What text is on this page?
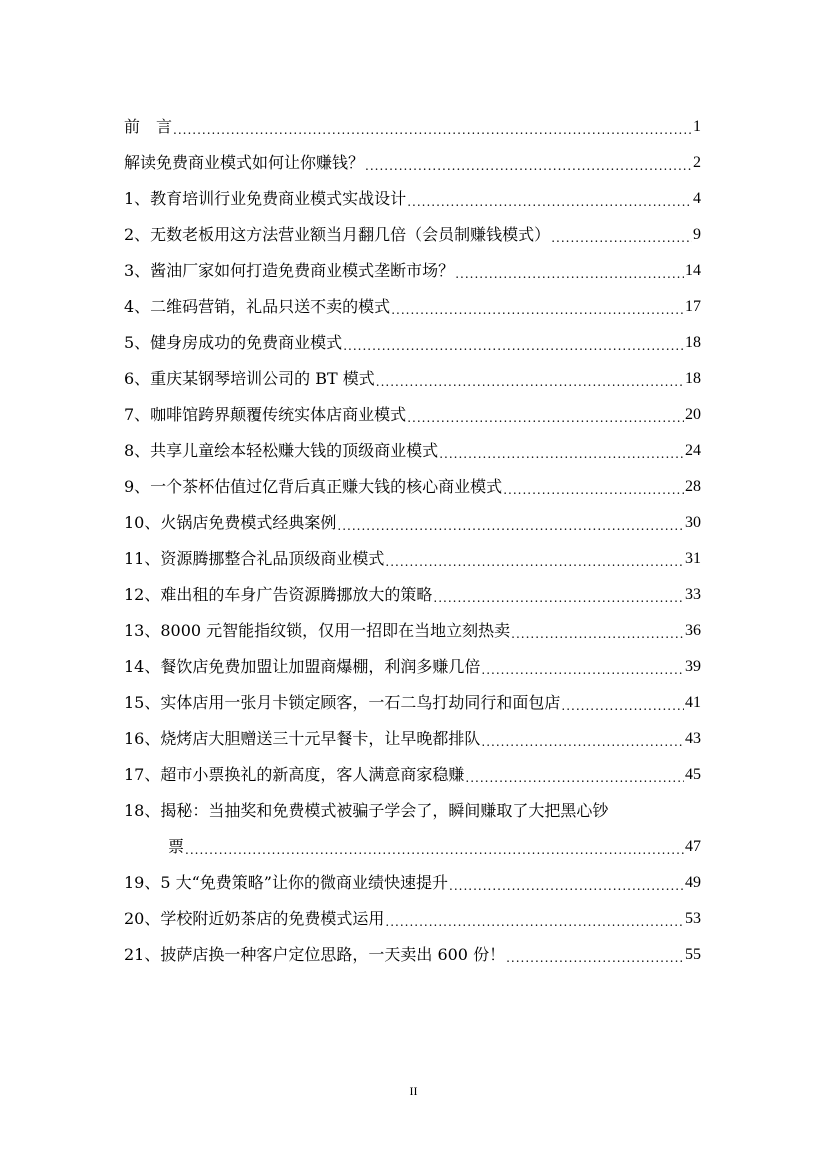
前　言 .....	1
解读免费商业模式如何让你赚钱？ .....	2
1、教育培训行业免费商业模式实战设计 .....	4
2、无数老板用这方法营业额当月翻几倍（会员制赚钱模式） .....	9
3、酱油厂家如何打造免费商业模式垄断市场？ .....	14
4、二维码营销，礼品只送不卖的模式 .....	17
5、健身房成功的免费商业模式 .....	18
6、重庆某钢琴培训公司的 BT 模式 .....	18
7、咖啡馆跨界颠覆传统实体店商业模式 .....	20
8、共享儿童绘本轻松赚大钱的顶级商业模式 .....	24
9、一个茶杯估值过亿背后真正赚大钱的核心商业模式 .....	28
10、火锅店免费模式经典案例 .....	30
11、资源腾挪整合礼品顶级商业模式 .....	31
12、难出租的车身广告资源腾挪放大的策略 .....	33
13、8000 元智能指纹锁，仅用一招即在当地立刻热卖 .....	36
14、餐饮店免费加盟让加盟商爆棚，利润多赚几倍 .....	39
15、实体店用一张月卡锁定顾客，一石二鸟打劫同行和面包店 .....	41
16、烧烤店大胆赠送三十元早餐卡，让早晚都排队 .....	43
17、超市小票换礼的新高度，客人满意商家稳赚 .....	45
18、揭秘：当抽奖和免费模式被骗子学会了，瞬间赚取了大把黑心钞
票 .....	47
19、5 大“免费策略”让你的微商业绩快速提升 .....	49
20、学校附近奶茶店的免费模式运用 .....	53
21、披萨店换一种客户定位思路，一天卖出 600 份！ .....	55
II
